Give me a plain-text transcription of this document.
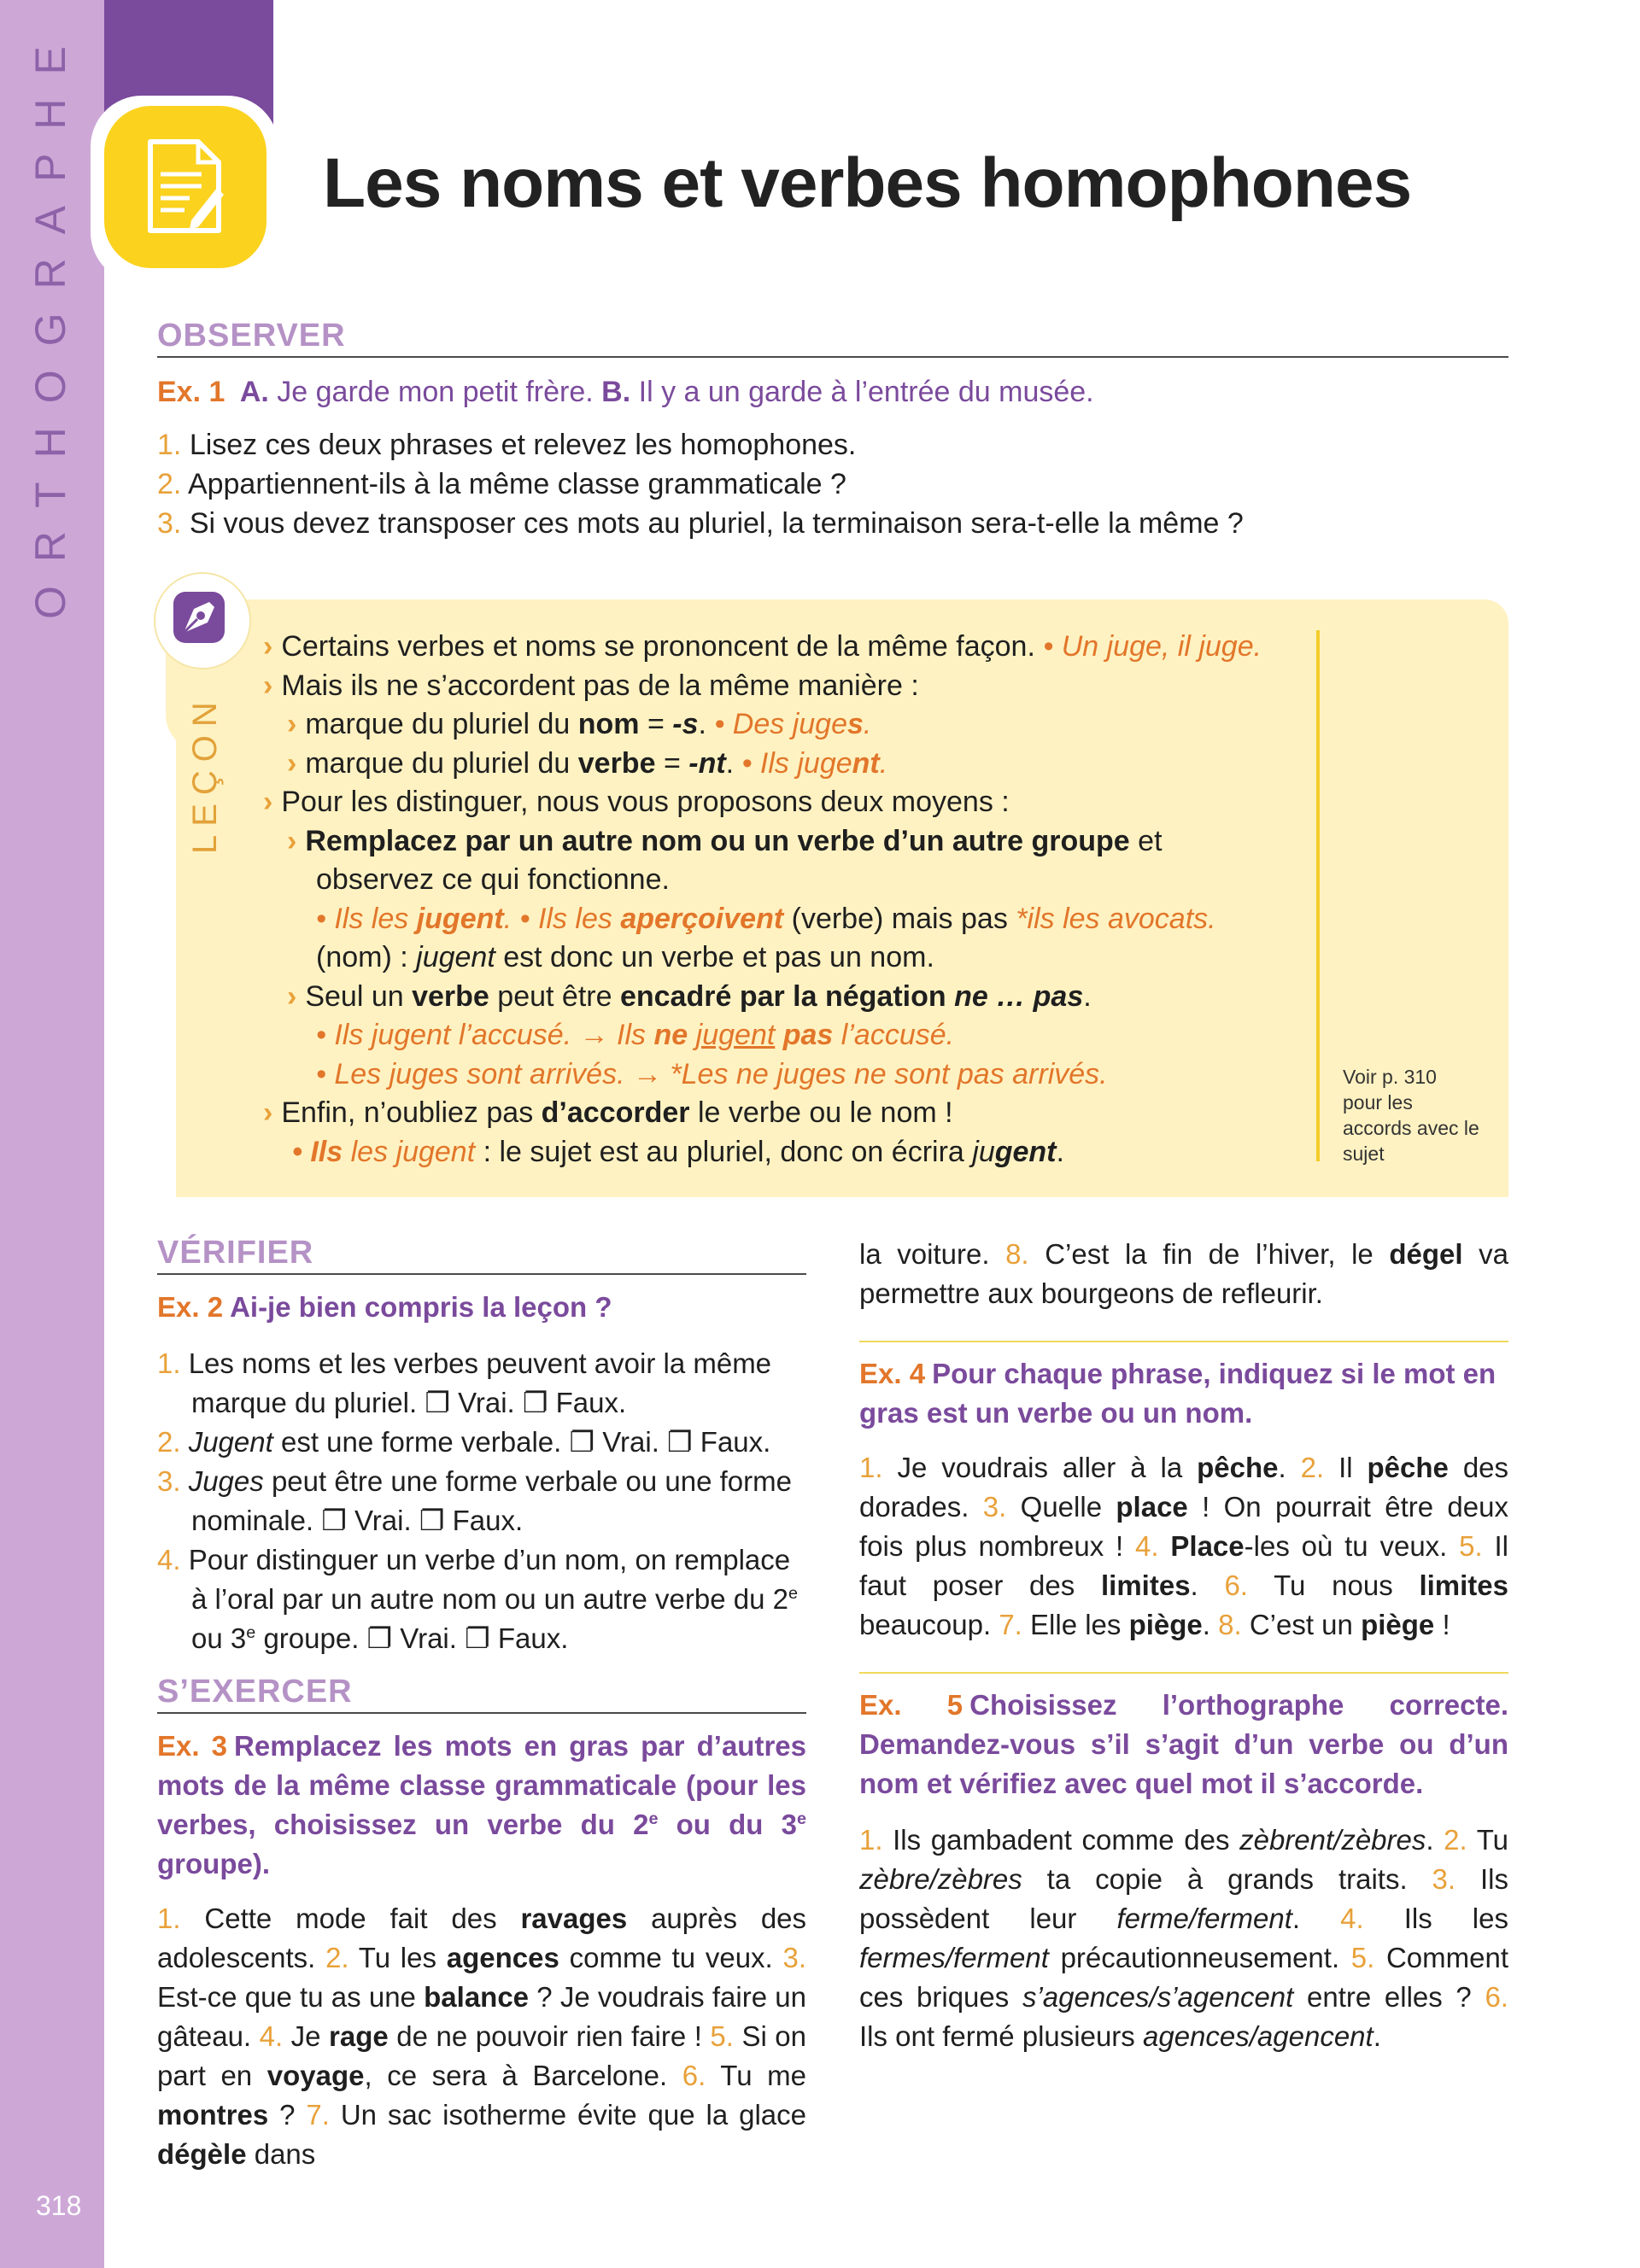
ORTHOGRAPHE
318
Les noms et verbes homophones
OBSERVER
Ex. 1 A. Je garde mon petit frère. B. Il y a un garde à l’entrée du musée.

1. Lisez ces deux phrases et relevez les homophones.

2. Appartiennent-ils à la même classe grammaticale ?

3. Si vous devez transposer ces mots au pluriel, la terminaison sera-t-elle la même ?

LEÇON
Voir p. 310 pour les accords avec le sujet

› Certains verbes et noms se prononcent de la même façon. • Un juge, il juge.

› Mais ils ne s’accordent pas de la même manière :

› marque du pluriel du nom = -s. • Des juges.

› marque du pluriel du verbe = -nt. • Ils jugent.

› Pour les distinguer, nous vous proposons deux moyens :

› Remplacez par un autre nom ou un verbe d’un autre groupe et

observez ce qui fonctionne.

• Ils les jugent. • Ils les aperçoivent (verbe) mais pas *ils les avocats.

(nom) : jugent est donc un verbe et pas un nom.

› Seul un verbe peut être encadré par la négation ne … pas.

• Ils jugent l’accusé. → Ils ne jugent pas l’accusé.

• Les juges sont arrivés. → *Les ne juges ne sont pas arrivés.

› Enfin, n’oubliez pas d’accorder le verbe ou le nom !

• Ils les jugent : le sujet est au pluriel, donc on écrira jugent.

VÉRIFIER
Ex. 2 Ai-je bien compris la leçon ?

1. Les noms et les verbes peuvent avoir la même marque du pluriel. ❐ Vrai. ❐ Faux.

2. Jugent est une forme verbale. ❐ Vrai. ❐ Faux.

3. Juges peut être une forme verbale ou une forme nominale. ❐ Vrai. ❐ Faux.

4. Pour distinguer un verbe d’un nom, on remplace à l’oral par un autre nom ou un autre verbe du 2e ou 3e groupe. ❐ Vrai. ❐ Faux.

S’EXERCER
Ex. 3 Remplacez les mots en gras par d’autres mots de la même classe grammaticale (pour les verbes, choisissez un verbe du 2e ou du 3e groupe).
1. Cette mode fait des ravages auprès des adolescents. 2. Tu les agences comme tu veux. 3. Est-ce que tu as une balance ? Je voudrais faire un gâteau. 4. Je rage de ne pouvoir rien faire ! 5. Si on part en voyage, ce sera à Barcelone. 6. Tu me montres ? 7. Un sac isotherme évite que la glace dégèle dans
la voiture. 8. C’est la fin de l’hiver, le dégel va permettre aux bourgeons de refleurir.
Ex. 4 Pour chaque phrase, indiquez si le mot en gras est un verbe ou un nom.
1. Je voudrais aller à la pêche. 2. Il pêche des dorades. 3. Quelle place ! On pourrait être deux fois plus nombreux ! 4. Place-les où tu veux. 5. Il faut poser des limites. 6. Tu nous limites beaucoup. 7. Elle les piège. 8. C’est un piège !
Ex. 5 Choisissez l’orthographe correcte. Demandez-vous s’il s’agit d’un verbe ou d’un nom et vérifiez avec quel mot il s’accorde.
1. Ils gambadent comme des zèbrent/zèbres. 2. Tu zèbre/zèbres ta copie à grands traits. 3. Ils possèdent leur ferme/ferment. 4. Ils les fermes/ferment précautionneusement. 5. Comment ces briques s’agences/s’agencent entre elles ? 6. Ils ont fermé plusieurs agences/agencent.
